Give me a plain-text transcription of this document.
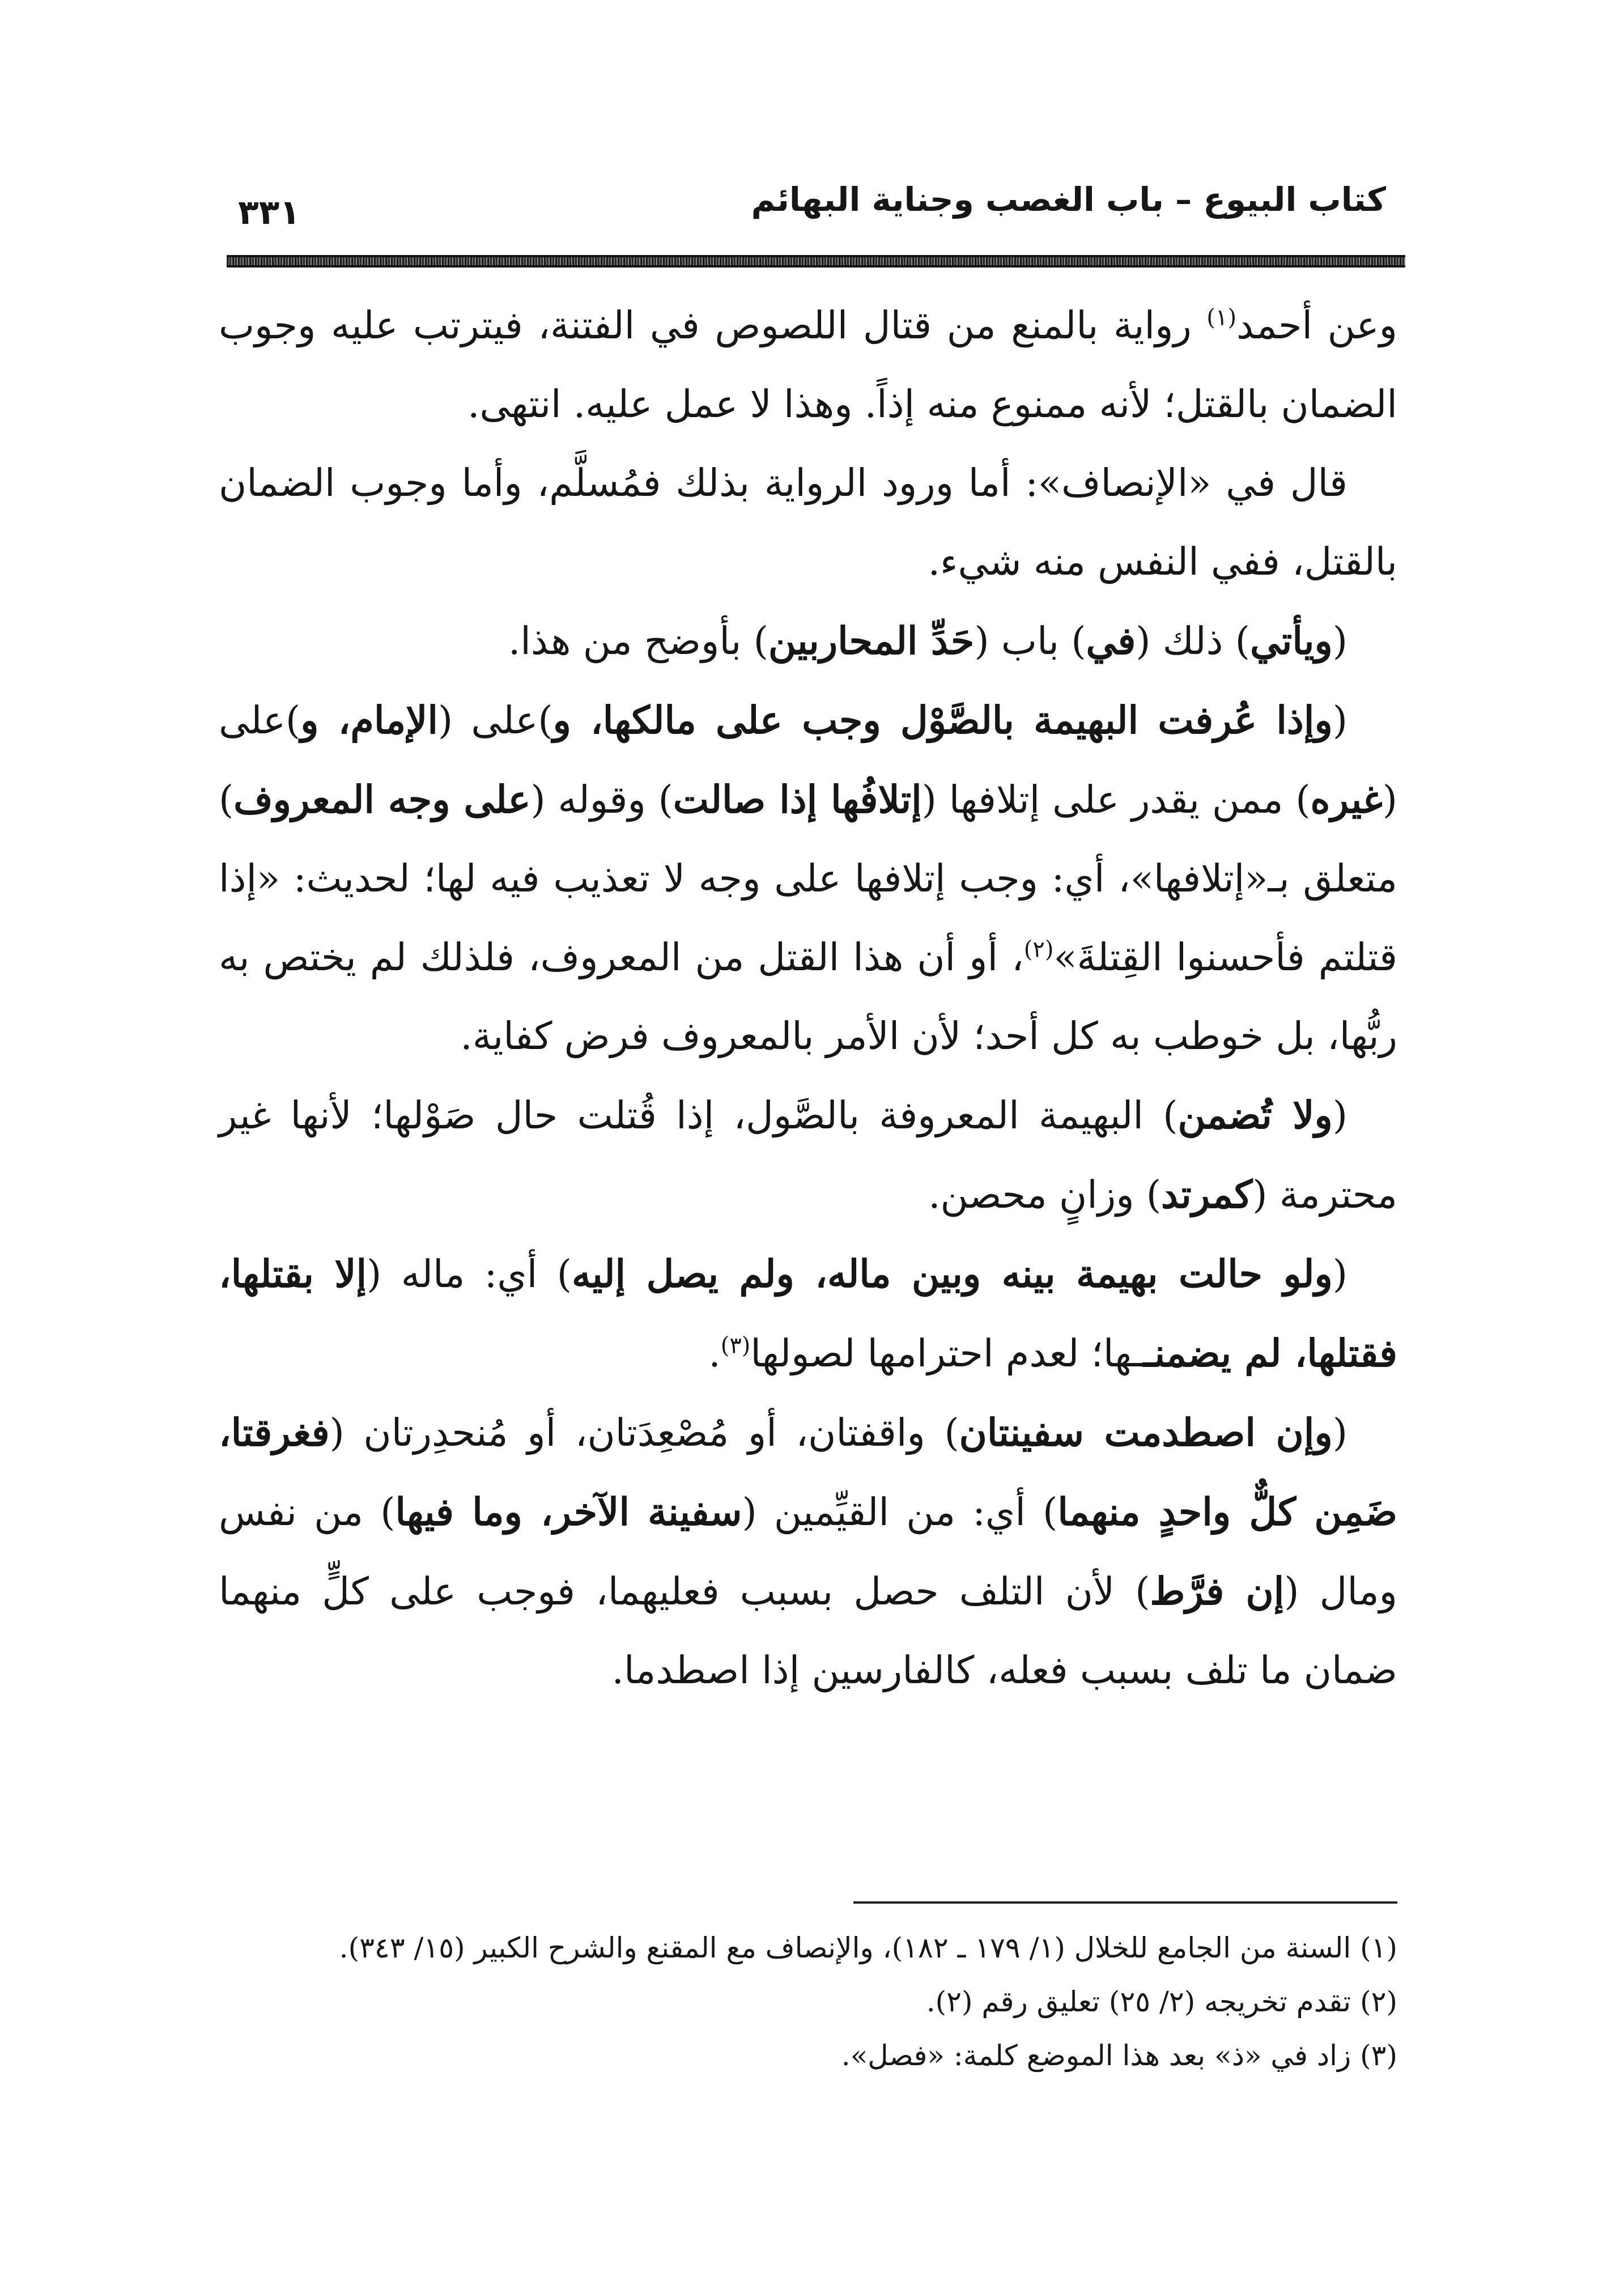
كتاب البيوع – باب الغصب وجناية البهائم
٣٣١

وعن أحمد$^{(١)}$ رواية بالمنع من قتال اللصوص في الفتنة، فيترتب عليه وجوب الضمان بالقتل؛ لأنه ممنوع منه إذاً. وهذا لا عمل عليه. انتهى.

قال في «الإنصاف»: أما ورود الرواية بذلك فمُسلَّم، وأما وجوب الضمان بالقتل، ففي النفس منه شيء.

(ويأتي) ذلك (في) باب (حَدِّ المحاربين) بأوضح من هذا.

(وإذا عُرفت البهيمة بالصَّوْل وجب على مالكها، و)على (الإمام، و)على (غيره) ممن يقدر على إتلافها (إتلافُها إذا صالت) وقوله (على وجه المعروف) متعلق بـ«إتلافها»، أي: وجب إتلافها على وجه لا تعذيب فيه لها؛ لحديث: «إذا قتلتم فأحسنوا القِتلةَ»$^{(٢)}$، أو أن هذا القتل من المعروف، فلذلك لم يختص به ربُّها، بل خوطب به كل أحد؛ لأن الأمر بالمعروف فرض كفاية.

(ولا تُضمن) البهيمة المعروفة بالصَّول، إذا قُتلت حال صَوْلها؛ لأنها غير محترمة (كمرتد) وزانٍ محصن.

(ولو حالت بهيمة بينه وبين ماله، ولم يصل إليه) أي: ماله (إلا بقتلها، فقتلها، لم يضمنــها؛ لعدم احترامها لصولها$^{(٣)}$.

(وإن اصطدمت سفينتان) واقفتان، أو مُصْعِدَتان، أو مُنحدِرتان (فغرقتا، ضَمِن كلٌّ واحدٍ منهما) أي: من القيِّمين (سفينة الآخر، وما فيها) من نفس ومال (إن فرَّط) لأن التلف حصل بسبب فعليهما، فوجب على كلٍّ منهما ضمان ما تلف بسبب فعله، كالفارسين إذا اصطدما.

(١) السنة من الجامع للخلال (١/ ١٧٩ ـ ١٨٢)، والإنصاف مع المقنع والشرح الكبير (١٥/ ٣٤٣).

(٢) تقدم تخريجه (٢/ ٢٥) تعليق رقم (٢).

(٣) زاد في «ذ» بعد هذا الموضع كلمة: «فصل».
